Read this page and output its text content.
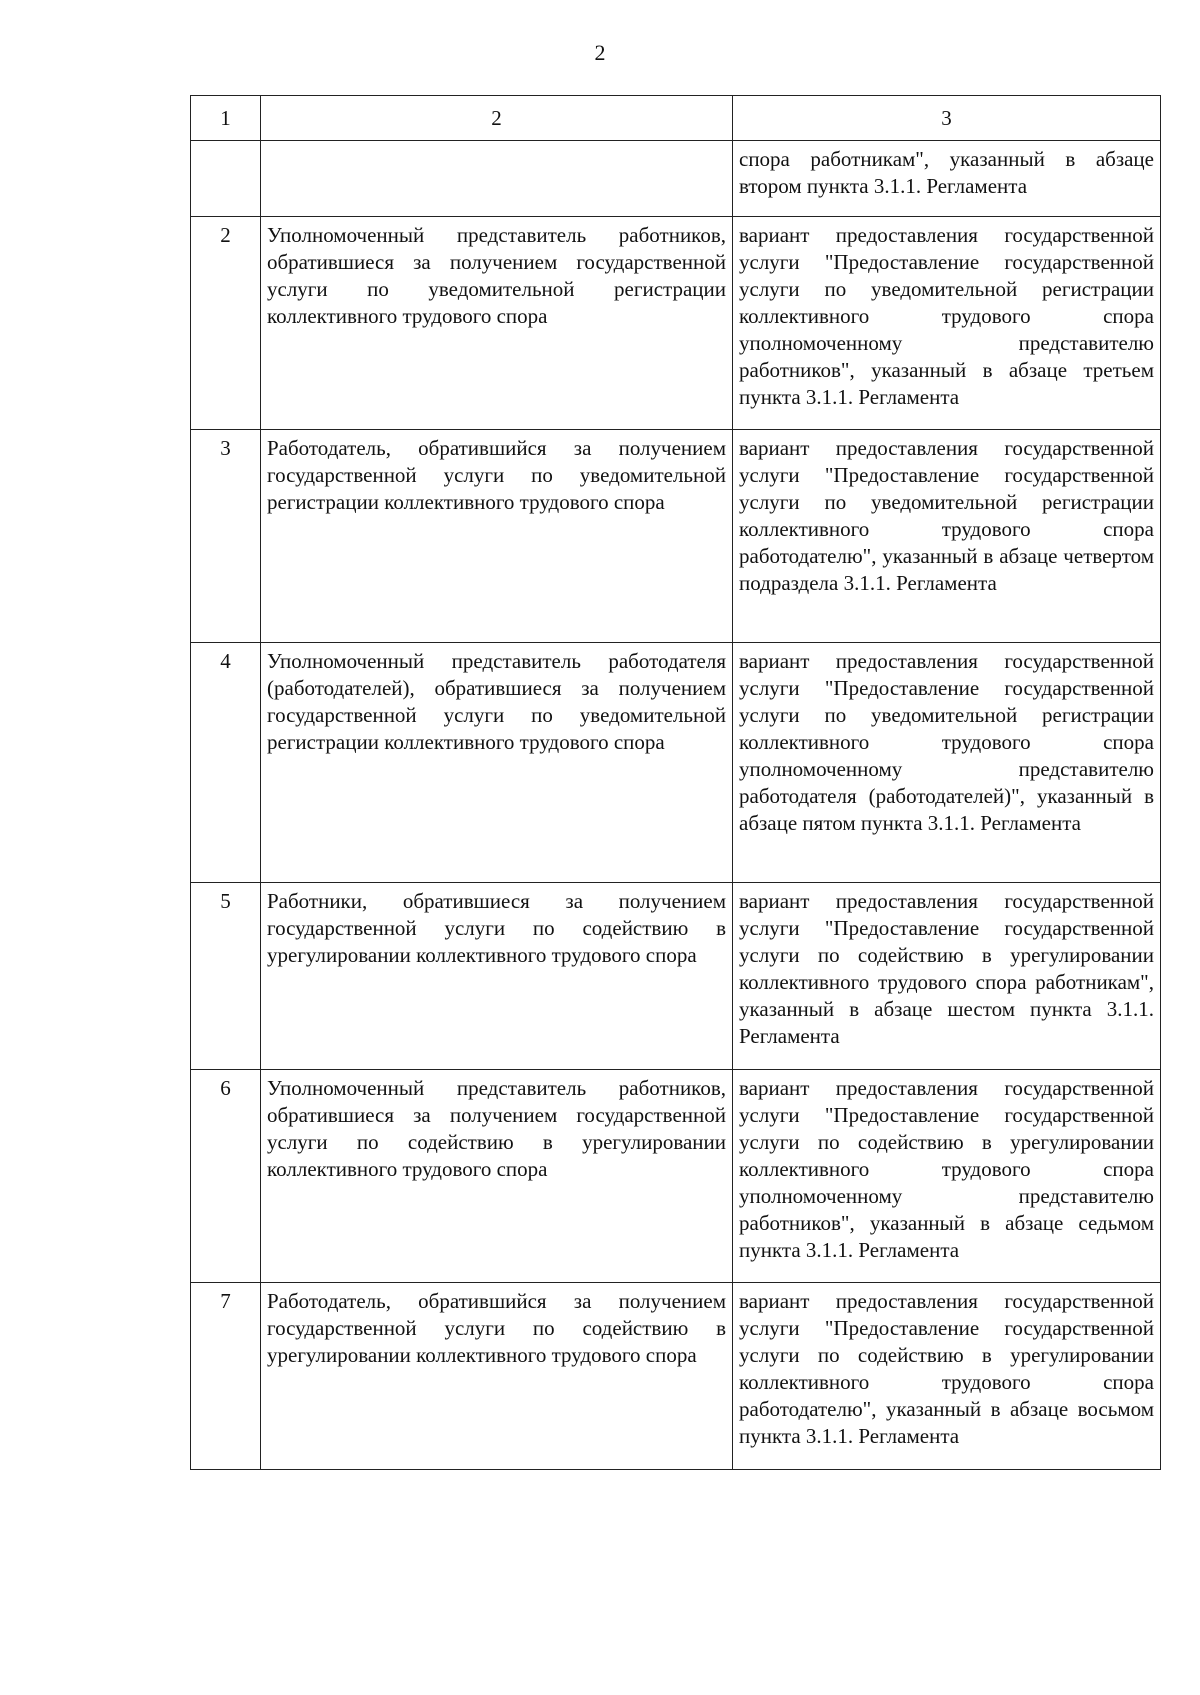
2
1	2	3
		спора работникам", указанный в абзаце втором пункта 3.1.1. Регламента
2	Уполномоченный представитель работников, обратившиеся за получением государственной услуги по уведомительной регистрации коллективного трудового спора	вариант предоставления государственной услуги "Предоставление государственной услуги по уведомительной регистрации коллективного трудового спора уполномоченному представителю работников", указанный в абзаце третьем пункта 3.1.1. Регламента
3	Работодатель, обратившийся за получением государственной услуги по уведомительной регистрации коллективного трудового спора	вариант предоставления государственной услуги "Предоставление государственной услуги по уведомительной регистрации коллективного трудового спора работодателю", указанный в абзаце четвертом подраздела 3.1.1. Регламента
4	Уполномоченный представитель работодателя (работодателей), обратившиеся за получением государственной услуги по уведомительной регистрации коллективного трудового спора	вариант предоставления государственной услуги "Предоставление государственной услуги по уведомительной регистрации коллективного трудового спора уполномоченному представителю работодателя (работодателей)", указанный в абзаце пятом пункта 3.1.1. Регламента
5	Работники, обратившиеся за получением государственной услуги по содействию в урегулировании коллективного трудового спора	вариант предоставления государственной услуги "Предоставление государственной услуги по содействию в урегулировании коллективного трудового спора работникам", указанный в абзаце шестом пункта 3.1.1. Регламента
6	Уполномоченный представитель работников, обратившиеся за получением государственной услуги по содействию в урегулировании коллективного трудового спора	вариант предоставления государственной услуги "Предоставление государственной услуги по содействию в урегулировании коллективного трудового спора уполномоченному представителю работников", указанный в абзаце седьмом пункта 3.1.1. Регламента
7	Работодатель, обратившийся за получением государственной услуги по содействию в урегулировании коллективного трудового спора	вариант предоставления государственной услуги "Предоставление государственной услуги по содействию в урегулировании коллективного трудового спора работодателю", указанный в абзаце восьмом пункта 3.1.1. Регламента
